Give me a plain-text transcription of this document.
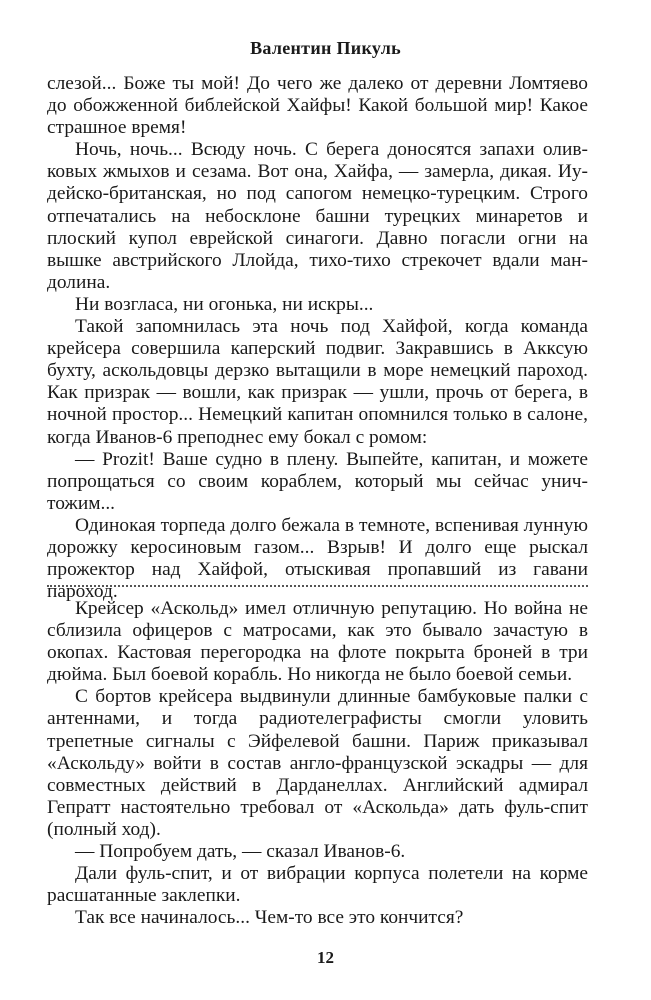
Валентин Пикуль

слезой... Боже ты мой! До чего же далеко от деревни Ломтяево до обожженной библейской Хайфы! Какой большой мир! Какое страшное время!

Ночь, ночь... Всюду ночь. С берега доносятся запахи оливковых жмыхов и сезама. Вот она, Хайфа, — замерла, дикая. Иудейско-британская, но под сапогом немецко-турецким. Строго отпечатались на небосклоне башни турецких минаретов и плоский купол еврейской синагоги. Давно погасли огни на вышке австрийского Ллойда, тихо-тихо стрекочет вдали мандолина.

Ни возгласа, ни огонька, ни искры...

Такой запомнилась эта ночь под Хайфой, когда команда крейсера совершила каперский подвиг. Закравшись в Акксую бухту, аскольдовцы дерзко вытащили в море немецкий пароход. Как призрак — вошли, как призрак — ушли, прочь от берега, в ночной простор... Немецкий капитан опомнился только в салоне, когда Иванов-6 преподнес ему бокал с ромом:

— Prozit! Ваше судно в плену. Выпейте, капитан, и можете попрощаться со своим кораблем, который мы сейчас уничтожим...

Одинокая торпеда долго бежала в темноте, вспенивая лунную дорожку керосиновым газом... Взрыв! И долго еще рыскал прожектор над Хайфой, отыскивая пропавший из гавани пароход.

Крейсер «Аскольд» имел отличную репутацию. Но война не сблизила офицеров с матросами, как это бывало зачастую в окопах. Кастовая перегородка на флоте покрыта броней в три дюйма. Был боевой корабль. Но никогда не было боевой семьи.

С бортов крейсера выдвинули длинные бамбуковые палки с антеннами, и тогда радиотелеграфисты смогли уловить трепетные сигналы с Эйфелевой башни. Париж приказывал «Аскольду» войти в состав англо-французской эскадры — для совместных действий в Дарданеллах. Английский адмирал Гепратт настоятельно требовал от «Аскольда» дать фуль-спит (полный ход).

— Попробуем дать, — сказал Иванов-6.

Дали фуль-спит, и от вибрации корпуса полетели на корме расшатанные заклепки.

Так все начиналось... Чем-то все это кончится?

12
